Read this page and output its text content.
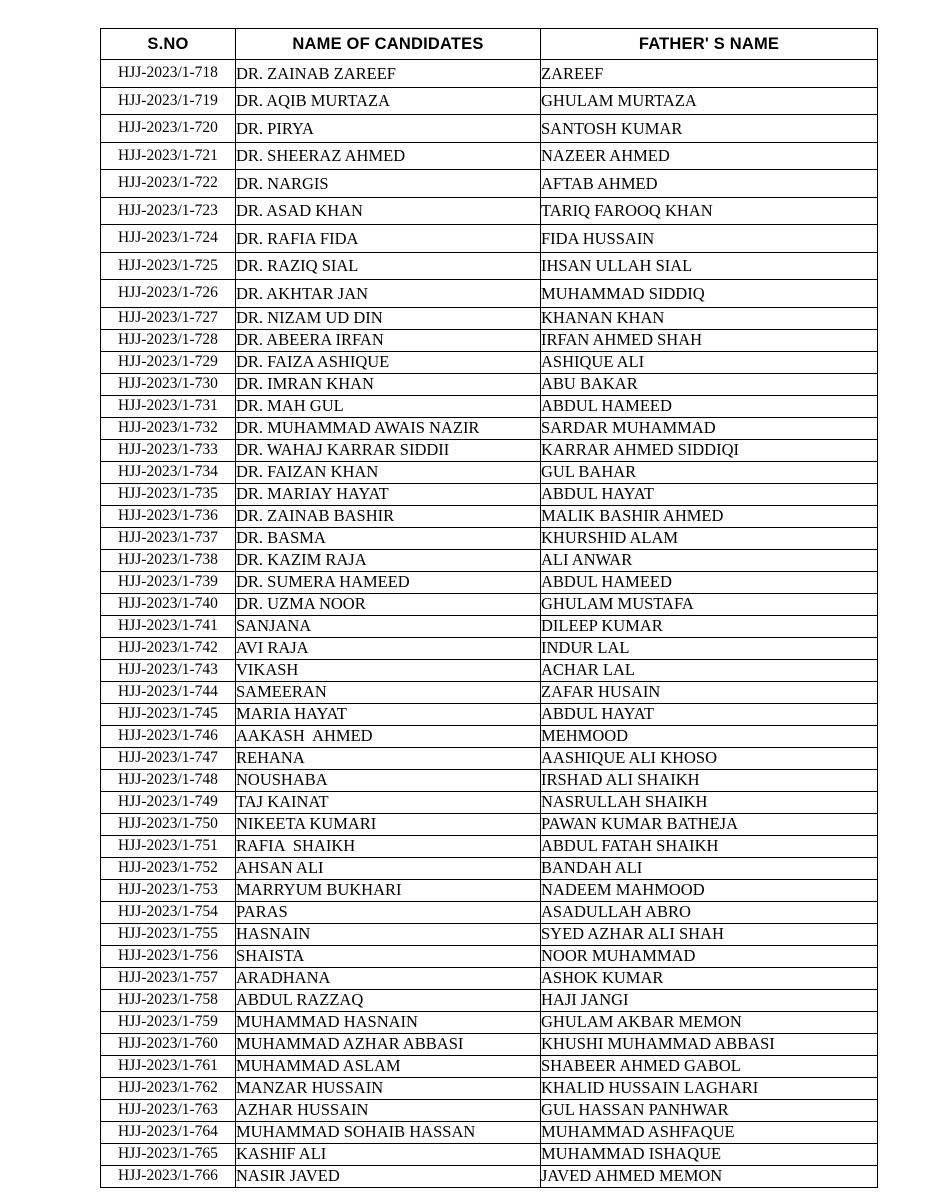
S.NO	NAME OF CANDIDATES	FATHER' S NAME
HJJ-2023/1-718	DR. ZAINAB ZAREEF	ZAREEF
HJJ-2023/1-719	DR. AQIB MURTAZA	GHULAM MURTAZA
HJJ-2023/1-720	DR. PIRYA	SANTOSH KUMAR
HJJ-2023/1-721	DR. SHEERAZ AHMED	NAZEER AHMED
HJJ-2023/1-722	DR. NARGIS	AFTAB AHMED
HJJ-2023/1-723	DR. ASAD KHAN	TARIQ FAROOQ KHAN
HJJ-2023/1-724	DR. RAFIA FIDA	FIDA HUSSAIN
HJJ-2023/1-725	DR. RAZIQ SIAL	IHSAN ULLAH SIAL
HJJ-2023/1-726	DR. AKHTAR JAN	MUHAMMAD SIDDIQ
HJJ-2023/1-727	DR. NIZAM UD DIN	KHANAN KHAN
HJJ-2023/1-728	DR. ABEERA IRFAN	IRFAN AHMED SHAH
HJJ-2023/1-729	DR. FAIZA ASHIQUE	ASHIQUE ALI
HJJ-2023/1-730	DR. IMRAN KHAN	ABU BAKAR
HJJ-2023/1-731	DR. MAH GUL	ABDUL HAMEED
HJJ-2023/1-732	DR. MUHAMMAD AWAIS NAZIR	SARDAR MUHAMMAD
HJJ-2023/1-733	DR. WAHAJ KARRAR SIDDII	KARRAR AHMED SIDDIQI
HJJ-2023/1-734	DR. FAIZAN KHAN	GUL BAHAR
HJJ-2023/1-735	DR. MARIAY HAYAT	ABDUL HAYAT
HJJ-2023/1-736	DR. ZAINAB BASHIR	MALIK BASHIR AHMED
HJJ-2023/1-737	DR. BASMA	KHURSHID ALAM
HJJ-2023/1-738	DR. KAZIM RAJA	ALI ANWAR
HJJ-2023/1-739	DR. SUMERA HAMEED	ABDUL HAMEED
HJJ-2023/1-740	DR. UZMA NOOR	GHULAM MUSTAFA
HJJ-2023/1-741	SANJANA	DILEEP KUMAR
HJJ-2023/1-742	AVI RAJA	INDUR LAL
HJJ-2023/1-743	VIKASH	ACHAR LAL
HJJ-2023/1-744	SAMEERAN	ZAFAR HUSAIN
HJJ-2023/1-745	MARIA HAYAT	ABDUL HAYAT
HJJ-2023/1-746	AAKASH  AHMED	MEHMOOD
HJJ-2023/1-747	REHANA	AASHIQUE ALI KHOSO
HJJ-2023/1-748	NOUSHABA	IRSHAD ALI SHAIKH
HJJ-2023/1-749	TAJ KAINAT	NASRULLAH SHAIKH
HJJ-2023/1-750	NIKEETA KUMARI	PAWAN KUMAR BATHEJA
HJJ-2023/1-751	RAFIA  SHAIKH	ABDUL FATAH SHAIKH
HJJ-2023/1-752	AHSAN ALI	BANDAH ALI
HJJ-2023/1-753	MARRYUM BUKHARI	NADEEM MAHMOOD
HJJ-2023/1-754	PARAS	ASADULLAH ABRO
HJJ-2023/1-755	HASNAIN	SYED AZHAR ALI SHAH
HJJ-2023/1-756	SHAISTA	NOOR MUHAMMAD
HJJ-2023/1-757	ARADHANA	ASHOK KUMAR
HJJ-2023/1-758	ABDUL RAZZAQ	HAJI JANGI
HJJ-2023/1-759	MUHAMMAD HASNAIN	GHULAM AKBAR MEMON
HJJ-2023/1-760	MUHAMMAD AZHAR ABBASI	KHUSHI MUHAMMAD ABBASI
HJJ-2023/1-761	MUHAMMAD ASLAM	SHABEER AHMED GABOL
HJJ-2023/1-762	MANZAR HUSSAIN	KHALID HUSSAIN LAGHARI
HJJ-2023/1-763	AZHAR HUSSAIN	GUL HASSAN PANHWAR
HJJ-2023/1-764	MUHAMMAD SOHAIB HASSAN	MUHAMMAD ASHFAQUE
HJJ-2023/1-765	KASHIF ALI	MUHAMMAD ISHAQUE
HJJ-2023/1-766	NASIR JAVED	JAVED AHMED MEMON
